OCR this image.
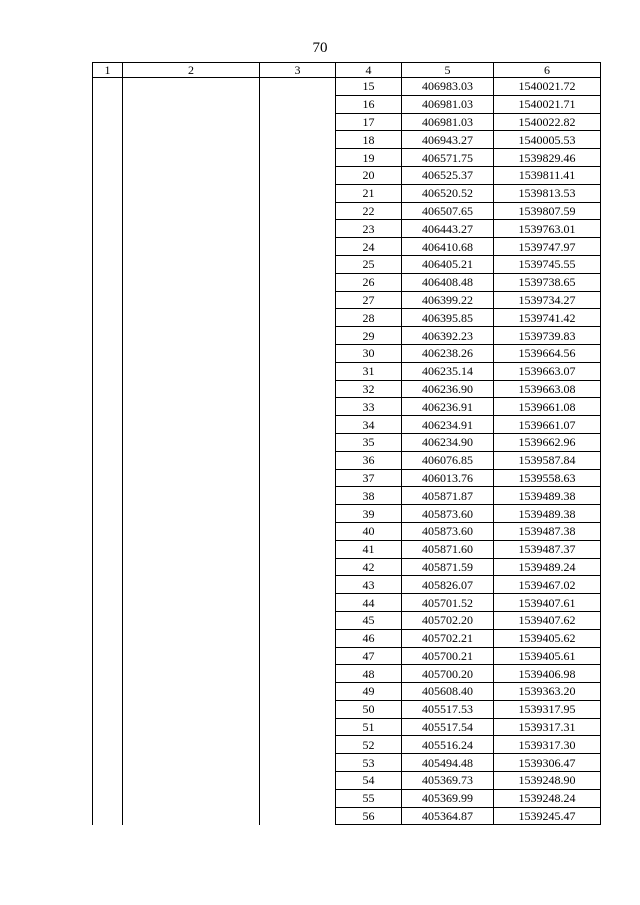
70
1	2	3	4	5	6
			15	406983.03	1540021.72
			16	406981.03	1540021.71
			17	406981.03	1540022.82
			18	406943.27	1540005.53
			19	406571.75	1539829.46
			20	406525.37	1539811.41
			21	406520.52	1539813.53
			22	406507.65	1539807.59
			23	406443.27	1539763.01
			24	406410.68	1539747.97
			25	406405.21	1539745.55
			26	406408.48	1539738.65
			27	406399.22	1539734.27
			28	406395.85	1539741.42
			29	406392.23	1539739.83
			30	406238.26	1539664.56
			31	406235.14	1539663.07
			32	406236.90	1539663.08
			33	406236.91	1539661.08
			34	406234.91	1539661.07
			35	406234.90	1539662.96
			36	406076.85	1539587.84
			37	406013.76	1539558.63
			38	405871.87	1539489.38
			39	405873.60	1539489.38
			40	405873.60	1539487.38
			41	405871.60	1539487.37
			42	405871.59	1539489.24
			43	405826.07	1539467.02
			44	405701.52	1539407.61
			45	405702.20	1539407.62
			46	405702.21	1539405.62
			47	405700.21	1539405.61
			48	405700.20	1539406.98
			49	405608.40	1539363.20
			50	405517.53	1539317.95
			51	405517.54	1539317.31
			52	405516.24	1539317.30
			53	405494.48	1539306.47
			54	405369.73	1539248.90
			55	405369.99	1539248.24
			56	405364.87	1539245.47
